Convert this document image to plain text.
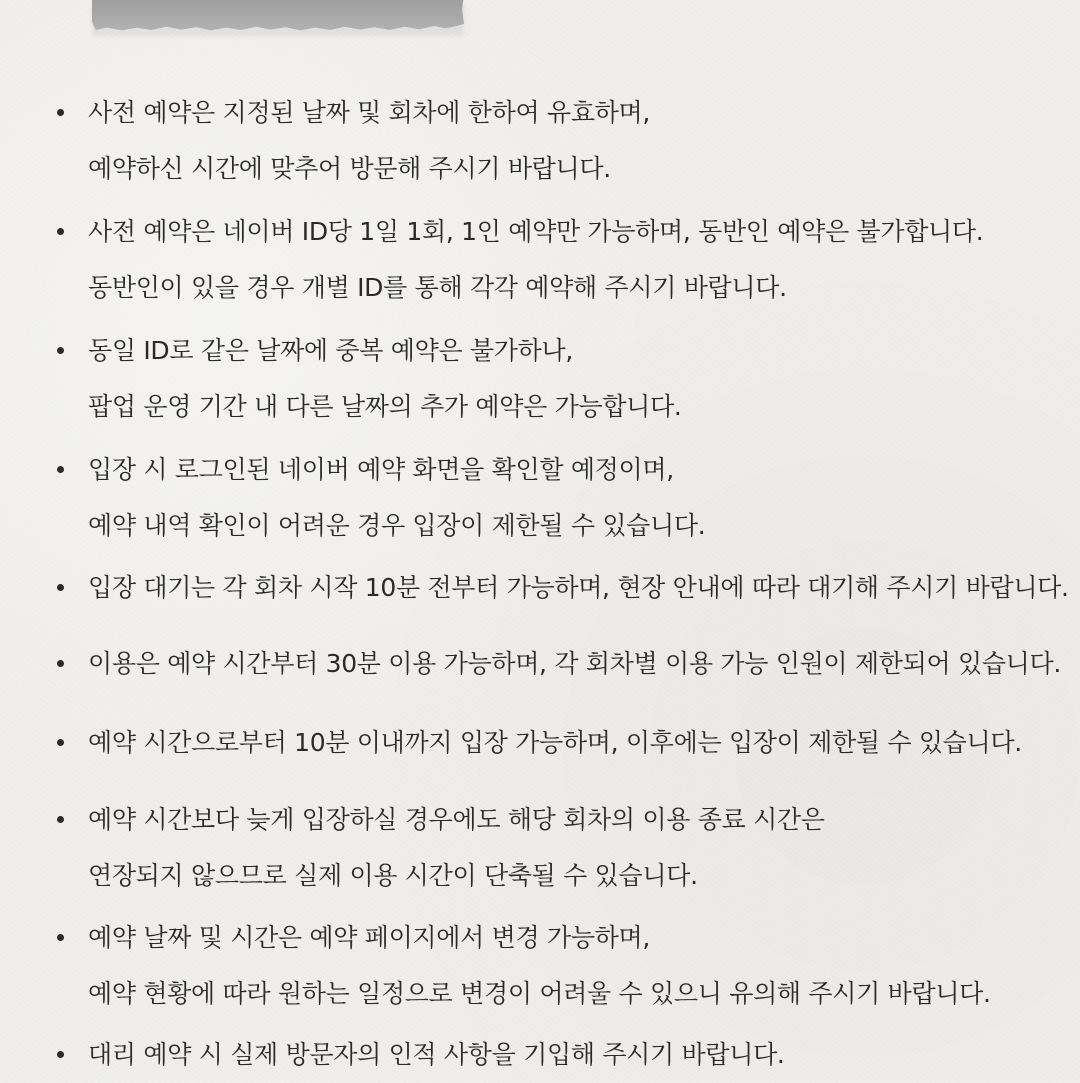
사전 예약은 지정된 날짜 및 회차에 한하여 유효하며,
예약하신 시간에 맞추어 방문해 주시기 바랍니다.
사전 예약은 네이버 ID당 1일 1회, 1인 예약만 가능하며, 동반인 예약은 불가합니다.
동반인이 있을 경우 개별 ID를 통해 각각 예약해 주시기 바랍니다.
동일 ID로 같은 날짜에 중복 예약은 불가하나,
팝업 운영 기간 내 다른 날짜의 추가 예약은 가능합니다.
입장 시 로그인된 네이버 예약 화면을 확인할 예정이며,
예약 내역 확인이 어려운 경우 입장이 제한될 수 있습니다.
입장 대기는 각 회차 시작 10분 전부터 가능하며, 현장 안내에 따라 대기해 주시기 바랍니다.
이용은 예약 시간부터 30분 이용 가능하며, 각 회차별 이용 가능 인원이 제한되어 있습니다.
예약 시간으로부터 10분 이내까지 입장 가능하며, 이후에는 입장이 제한될 수 있습니다.
예약 시간보다 늦게 입장하실 경우에도 해당 회차의 이용 종료 시간은
연장되지 않으므로 실제 이용 시간이 단축될 수 있습니다.
예약 날짜 및 시간은 예약 페이지에서 변경 가능하며,
예약 현황에 따라 원하는 일정으로 변경이 어려울 수 있으니 유의해 주시기 바랍니다.
대리 예약 시 실제 방문자의 인적 사항을 기입해 주시기 바랍니다.
